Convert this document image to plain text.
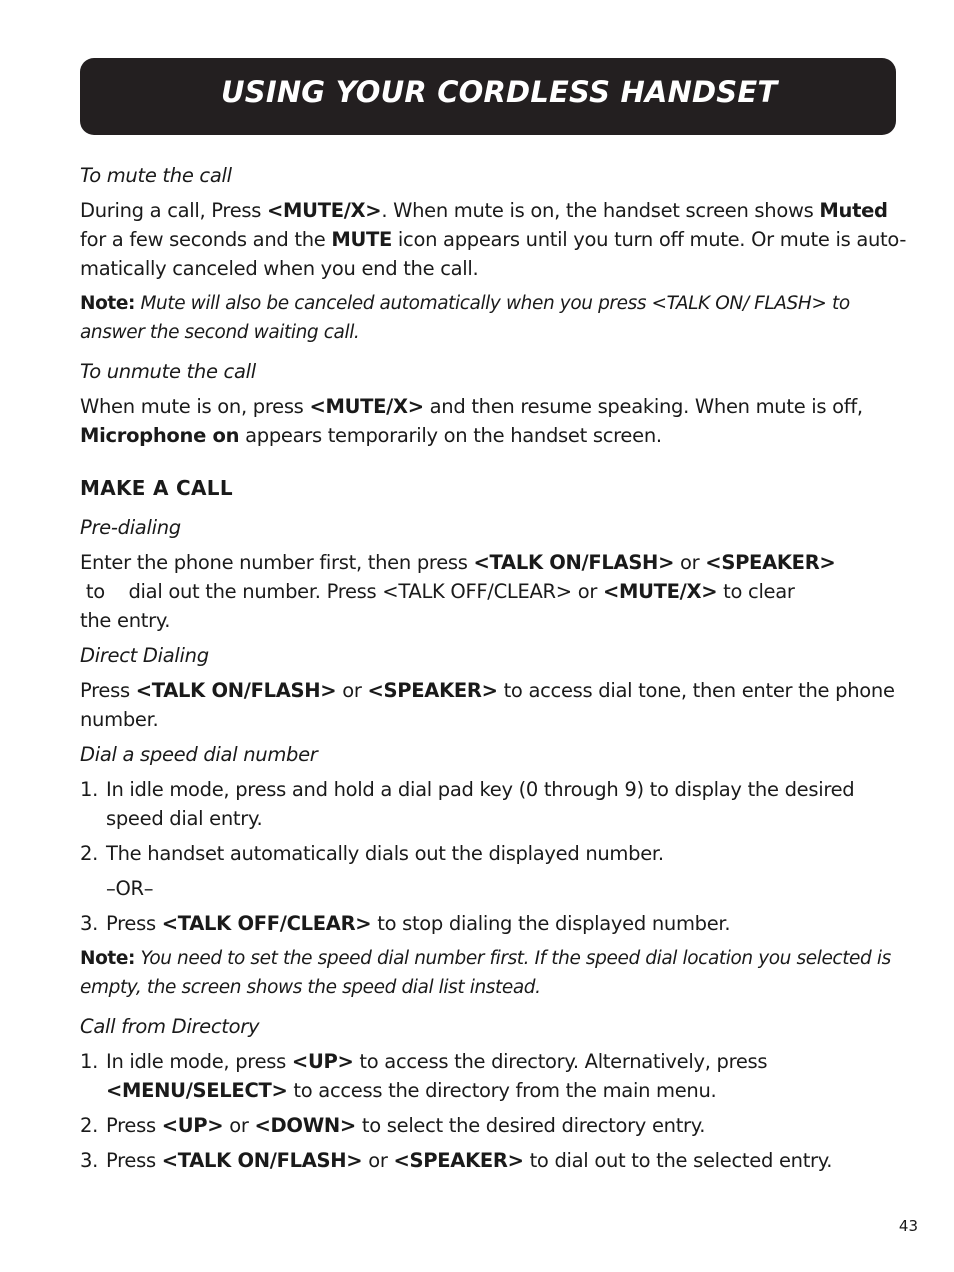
USING YOUR CORDLESS HANDSET

To mute the call

During a call, Press <MUTE/X>. When mute is on, the handset screen shows Muted
for a few seconds and the MUTE icon appears until you turn off mute. Or mute is auto-matically canceled when you end the call.

Note: Mute will also be canceled automatically when you press <TALK ON/ FLASH> to answer the second waiting call.

To unmute the call

When mute is on, press <MUTE/X> and then resume speaking. When mute is off,
Microphone on appears temporarily on the handset screen.

MAKE A CALL

Pre-dialing

Enter the phone number first, then press <TALK ON/FLASH> or <SPEAKER>
to    dial out the number. Press <TALK OFF/CLEAR> or <MUTE/X> to clear
the entry.

Direct Dialing

Press <TALK ON/FLASH> or <SPEAKER> to access dial tone, then enter the phone number.

Dial a speed dial number

1. In idle mode, press and hold a dial pad key (0 through 9) to display the desired speed dial entry.
2. The handset automatically dials out the displayed number.

–OR–

3. Press <TALK OFF/CLEAR> to stop dialing the displayed number.

Note: You need to set the speed dial number first. If the speed dial location you selected is empty, the screen shows the speed dial list instead.

Call from Directory

1. In idle mode, press <UP> to access the directory. Alternatively, press
<MENU/SELECT> to access the directory from the main menu.
2. Press <UP> or <DOWN> to select the desired directory entry.
3. Press <TALK ON/FLASH> or <SPEAKER> to dial out to the selected entry.
43
